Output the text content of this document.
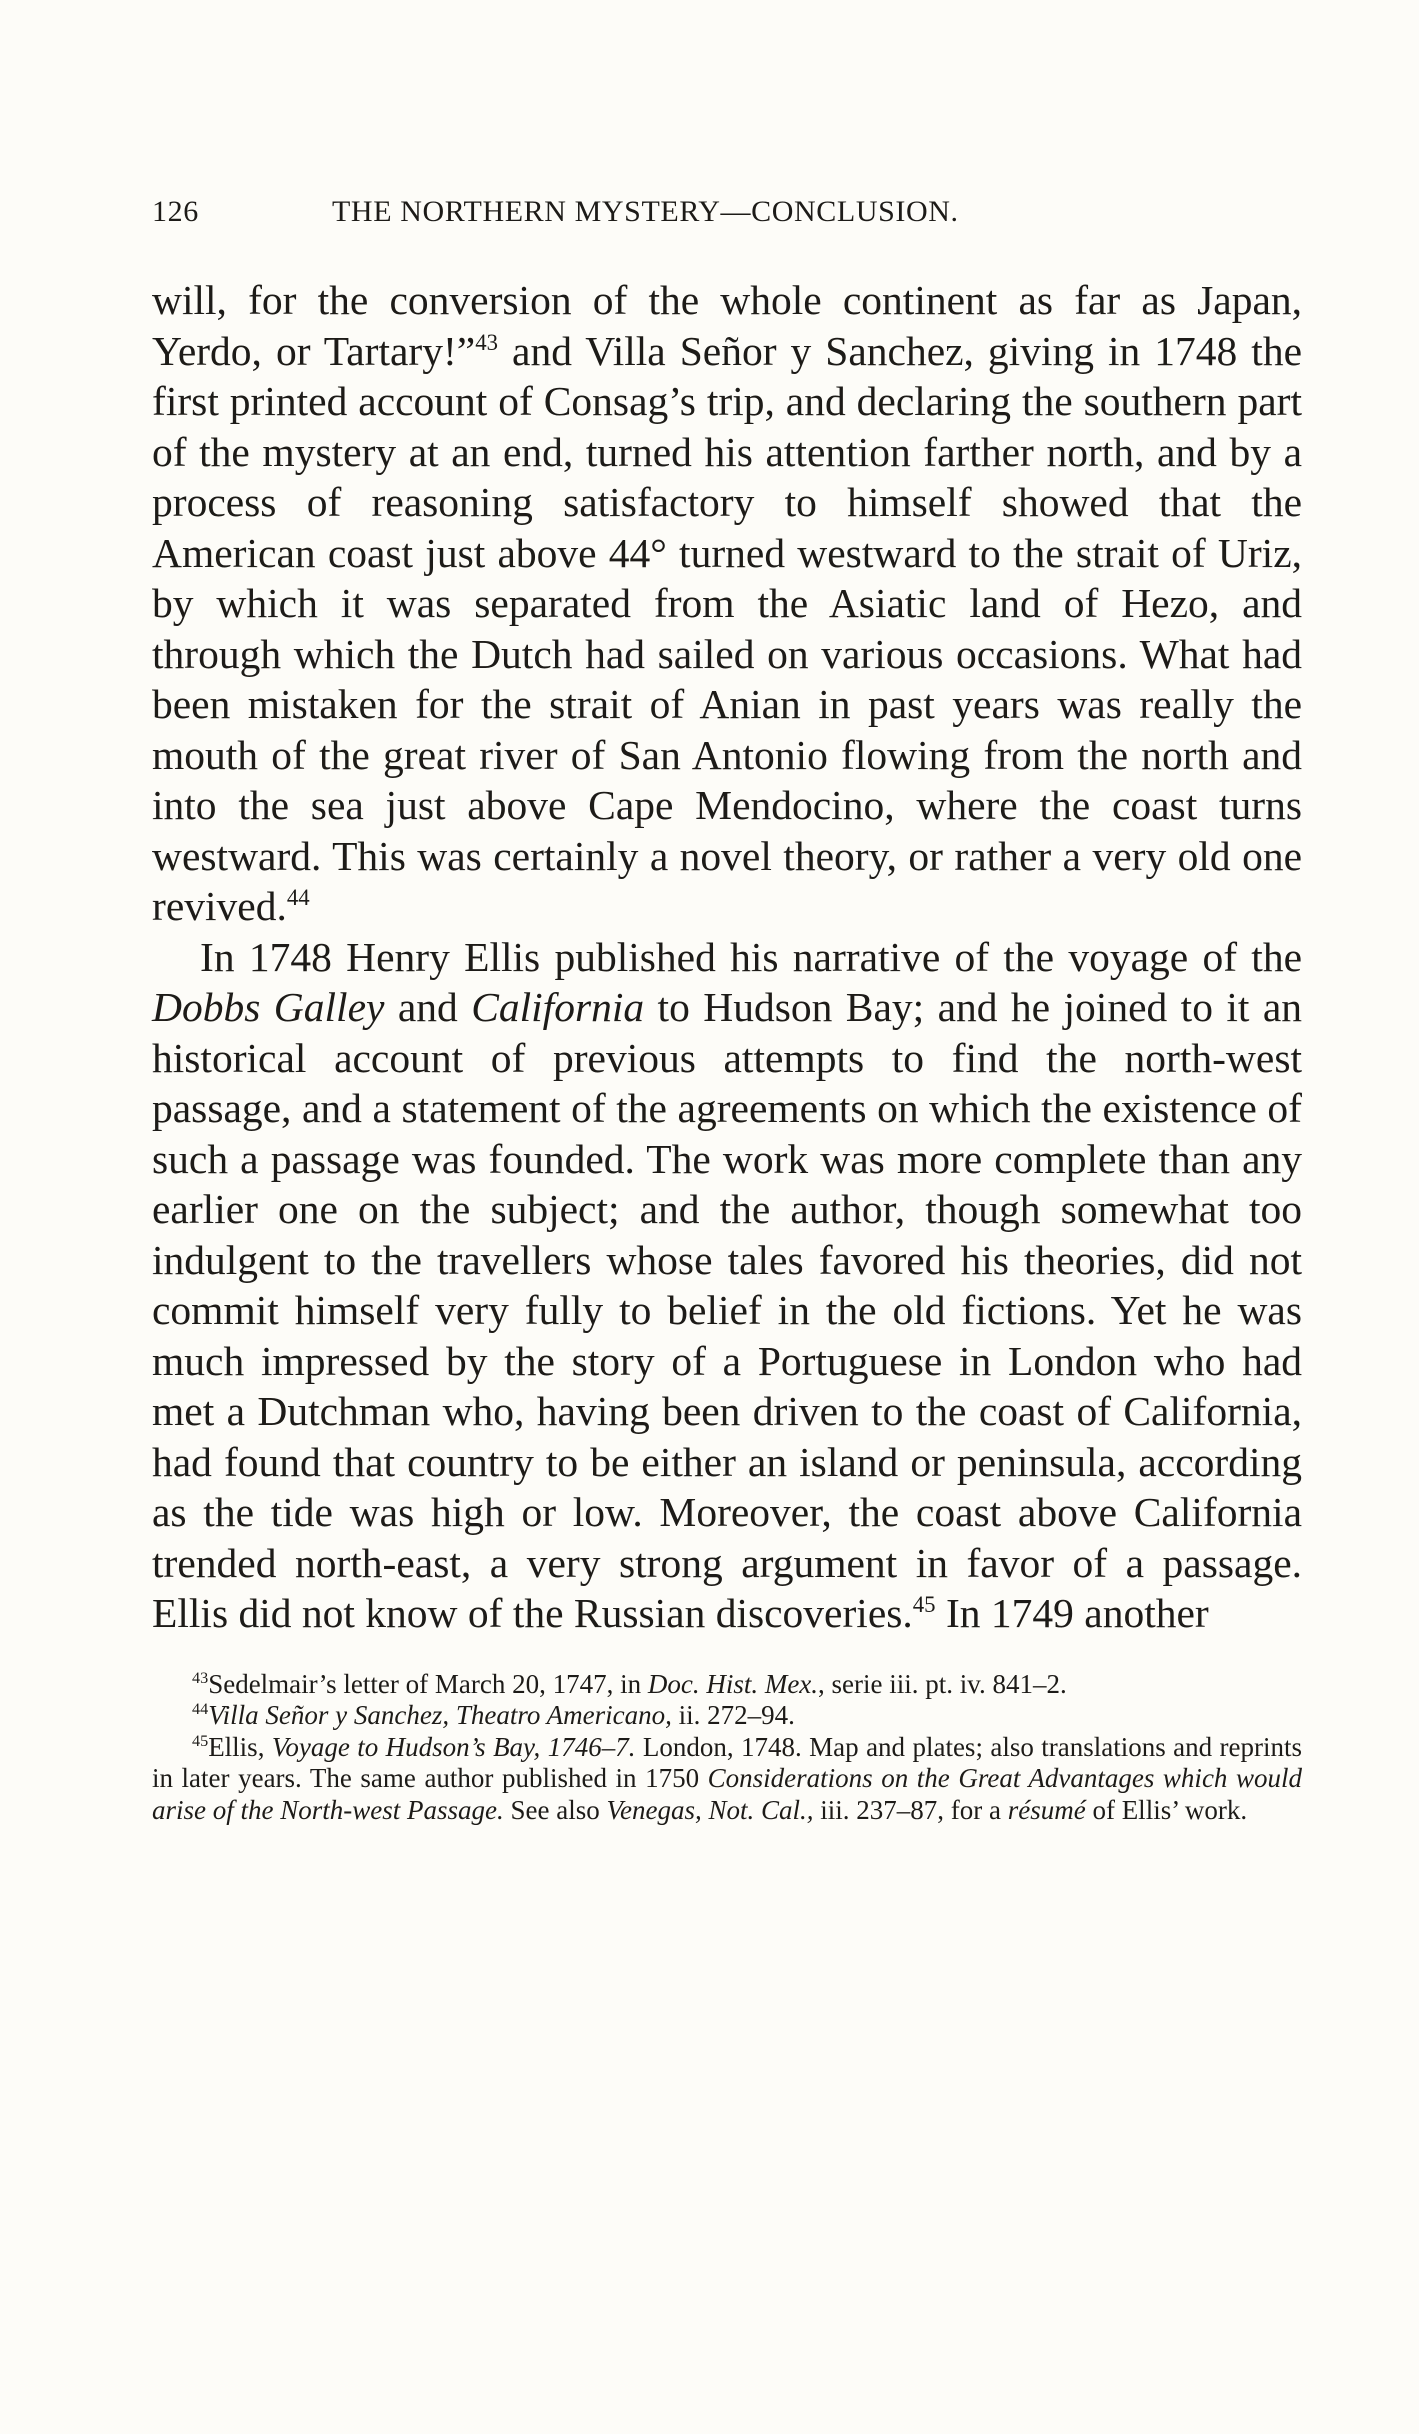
126	THE NORTHERN MYSTERY—CONCLUSION.

will, for the conversion of the whole continent as far as Japan, Yerdo, or Tartary!”$^{43}$ and Villa Señor y Sanchez, giving in 1748 the first printed account of Consag’s trip, and declaring the southern part of the mystery at an end, turned his attention farther north, and by a process of reasoning satisfactory to himself showed that the American coast just above 44° turned westward to the strait of Uriz, by which it was separated from the Asiatic land of Hezo, and through which the Dutch had sailed on various occasions. What had been mistaken for the strait of Anian in past years was really the mouth of the great river of San Antonio flowing from the north and into the sea just above Cape Mendocino, where the coast turns westward. This was certainly a novel theory, or rather a very old one revived.$^{44}$

In 1748 Henry Ellis published his narrative of the voyage of the Dobbs Galley and California to Hudson Bay; and he joined to it an historical account of previous attempts to find the north-west passage, and a statement of the agreements on which the existence of such a passage was founded. The work was more complete than any earlier one on the subject; and the author, though somewhat too indulgent to the travellers whose tales favored his theories, did not commit himself very fully to belief in the old fictions. Yet he was much impressed by the story of a Portuguese in London who had met a Dutchman who, having been driven to the coast of California, had found that country to be either an island or peninsula, according as the tide was high or low. Moreover, the coast above California trended north-east, a very strong argument in favor of a passage. Ellis did not know of the Russian discoveries.$^{45}$ In 1749 another

$^{43}$Sedelmair’s letter of March 20, 1747, in Doc. Hist. Mex., serie iii. pt. iv. 841–2.

$^{44}$Villa Señor y Sanchez, Theatro Americano, ii. 272–94.

$^{45}$Ellis, Voyage to Hudson’s Bay, 1746–7. London, 1748. Map and plates; also translations and reprints in later years. The same author published in 1750 Considerations on the Great Advantages which would arise of the North-west Passage. See also Venegas, Not. Cal., iii. 237–87, for a résumé of Ellis’ work.
